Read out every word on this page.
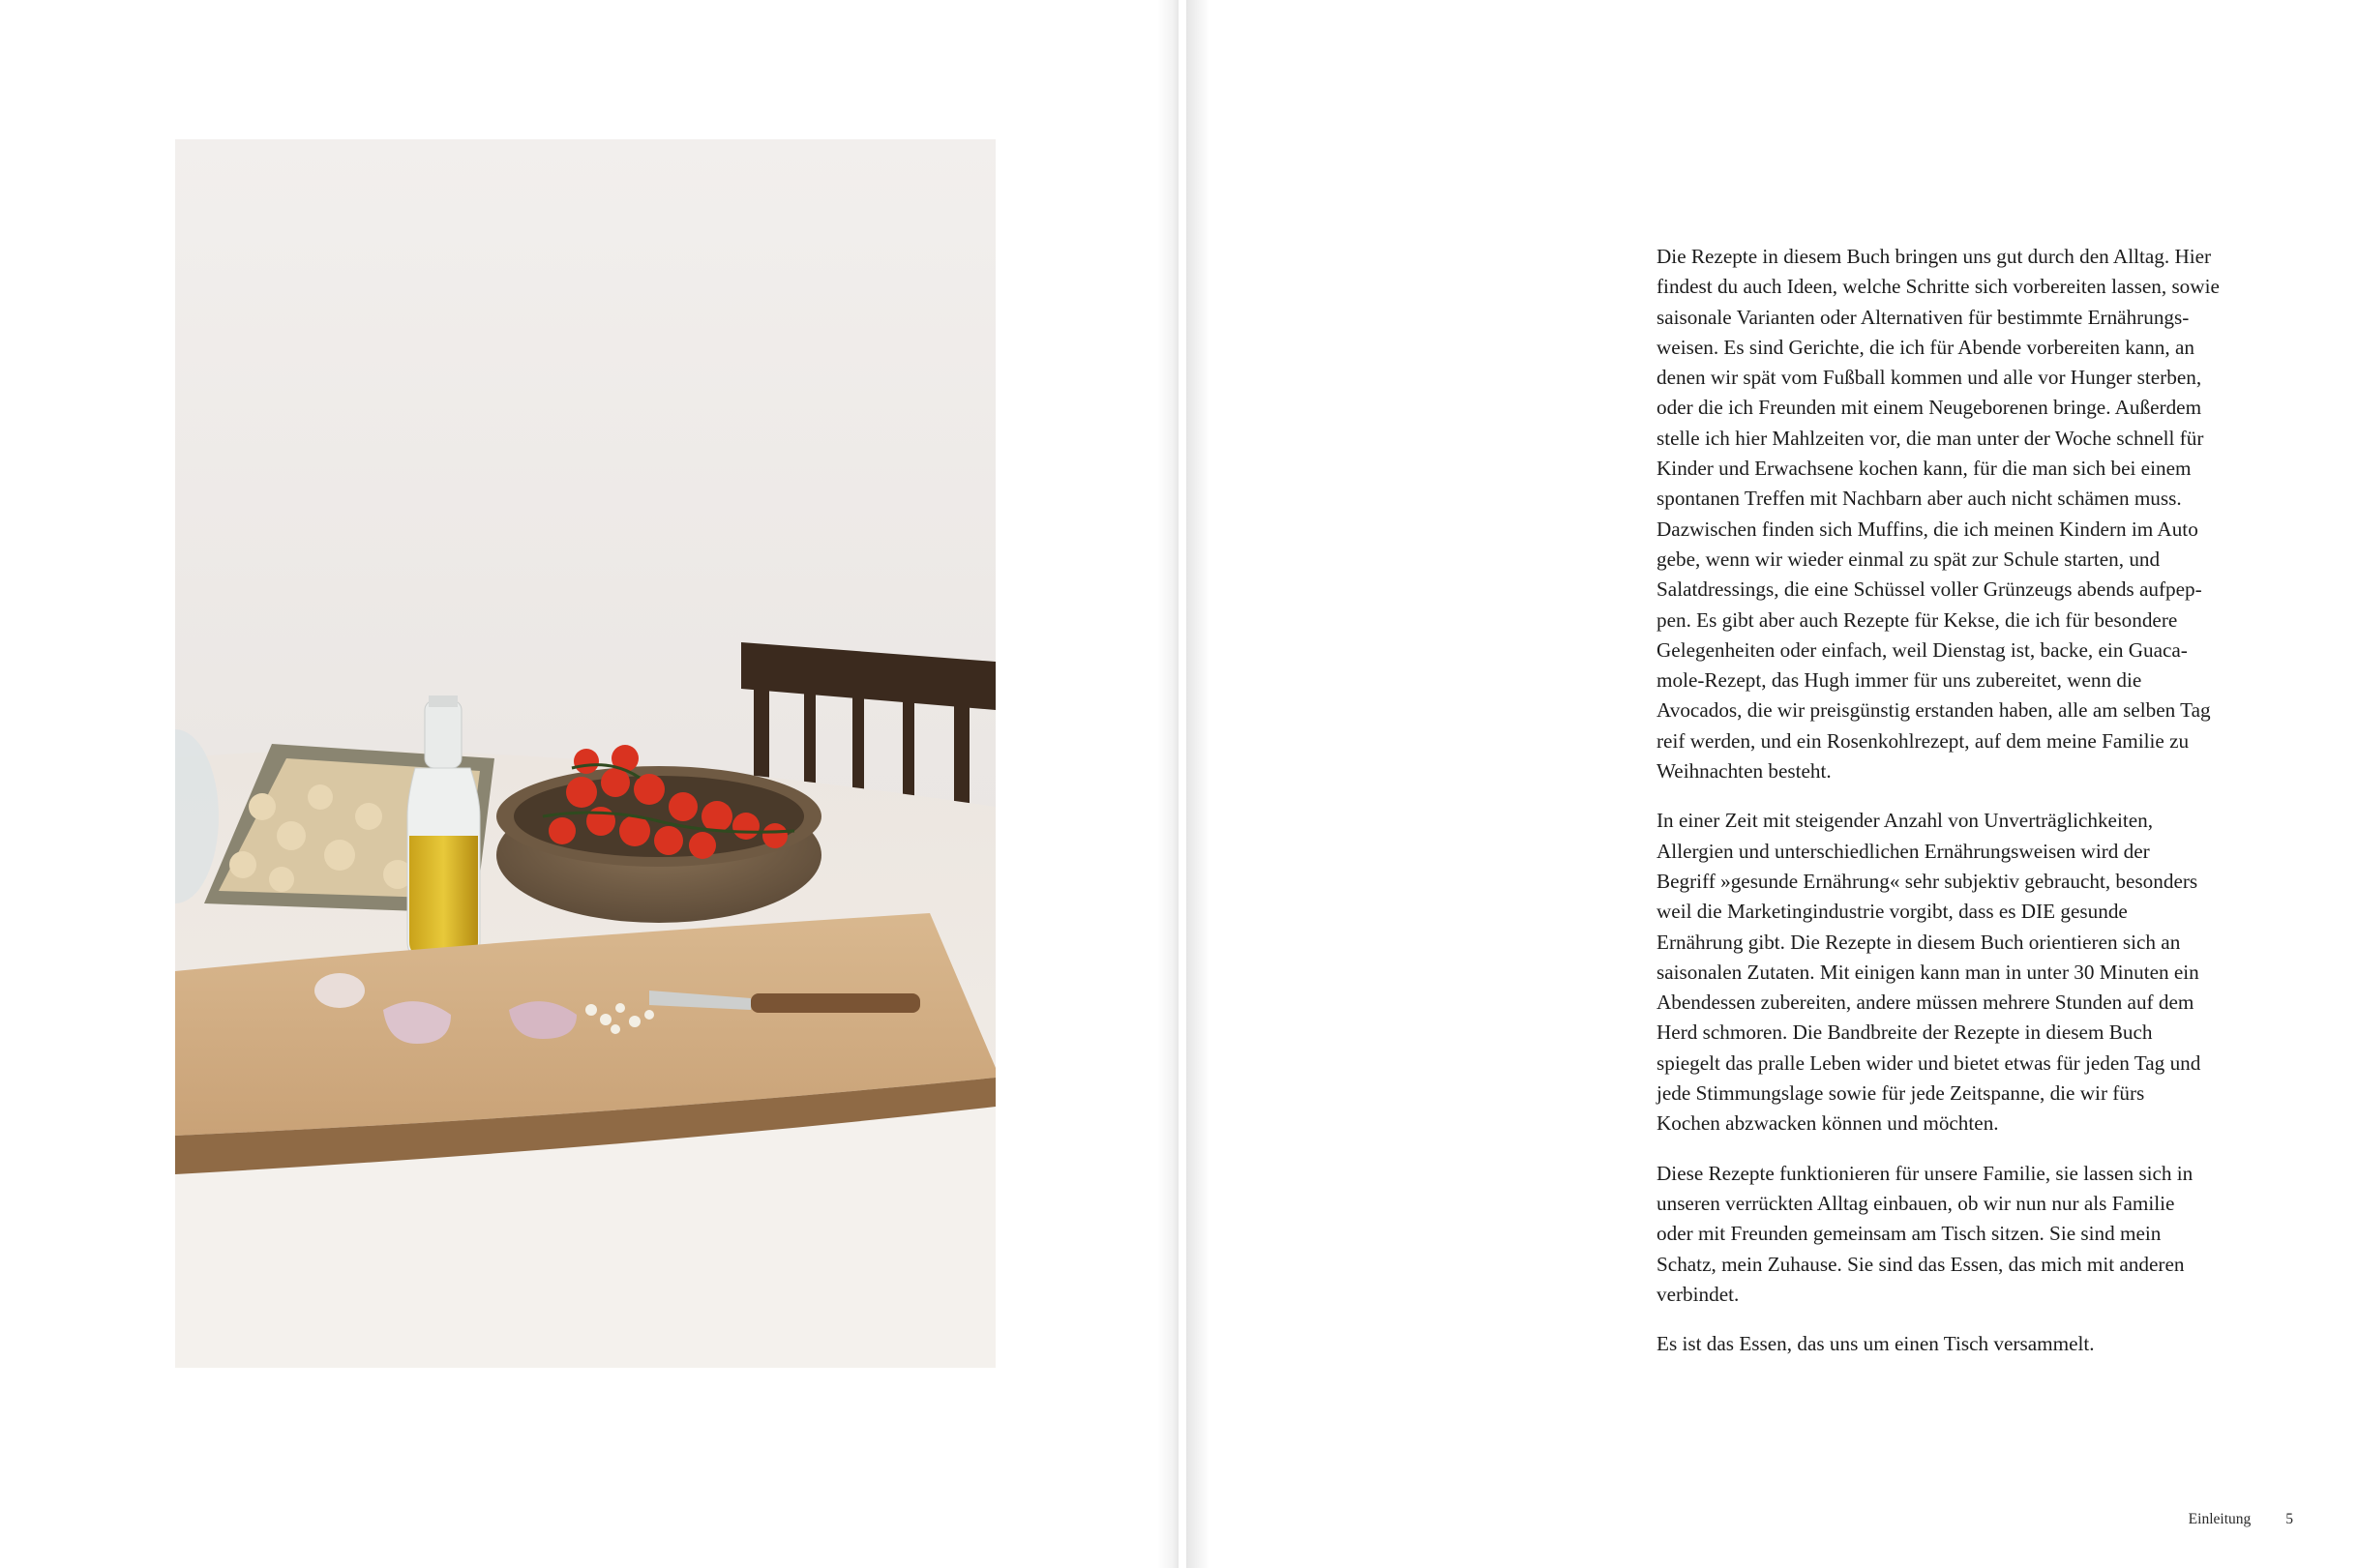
Die Rezepte in diesem Buch bringen uns gut durch den Alltag. Hier
findest du auch Ideen, welche Schritte sich vorbereiten lassen, sowie
saisonale Varianten oder Alternativen für bestimmte Ernährungs-
weisen. Es sind Gerichte, die ich für Abende vorbereiten kann, an
denen wir spät vom Fußball kommen und alle vor Hunger sterben,
oder die ich Freunden mit einem Neugeborenen bringe. Außerdem
stelle ich hier Mahlzeiten vor, die man unter der Woche schnell für
Kinder und Erwachsene kochen kann, für die man sich bei einem
spontanen Treffen mit Nachbarn aber auch nicht schämen muss.
Dazwischen finden sich Muffins, die ich meinen Kindern im Auto
gebe, wenn wir wieder einmal zu spät zur Schule starten, und
Salatdressings, die eine Schüssel voller Grünzeugs abends aufpep-
pen. Es gibt aber auch Rezepte für Kekse, die ich für besondere
Gelegenheiten oder einfach, weil Dienstag ist, backe, ein Guaca-
mole-Rezept, das Hugh immer für uns zubereitet, wenn die
Avocados, die wir preisgünstig erstanden haben, alle am selben Tag
reif werden, und ein Rosenkohlrezept, auf dem meine Familie zu
Weihnachten besteht.

In einer Zeit mit steigender Anzahl von Unverträglichkeiten,
Allergien und unterschiedlichen Ernährungsweisen wird der
Begriff »gesunde Ernährung« sehr subjektiv gebraucht, besonders
weil die Marketingindustrie vorgibt, dass es DIE gesunde
Ernährung gibt. Die Rezepte in diesem Buch orientieren sich an
saisonalen Zutaten. Mit einigen kann man in unter 30 Minuten ein
Abendessen zubereiten, andere müssen mehrere Stunden auf dem
Herd schmoren. Die Bandbreite der Rezepte in diesem Buch
spiegelt das pralle Leben wider und bietet etwas für jeden Tag und
jede Stimmungslage sowie für jede Zeitspanne, die wir fürs
Kochen abzwacken können und möchten.

Diese Rezepte funktionieren für unsere Familie, sie lassen sich in
unseren verrückten Alltag einbauen, ob wir nun nur als Familie
oder mit Freunden gemeinsam am Tisch sitzen. Sie sind mein
Schatz, mein Zuhause. Sie sind das Essen, das mich mit anderen
verbindet.

Es ist das Essen, das uns um einen Tisch versammelt.

Einleitung 5
